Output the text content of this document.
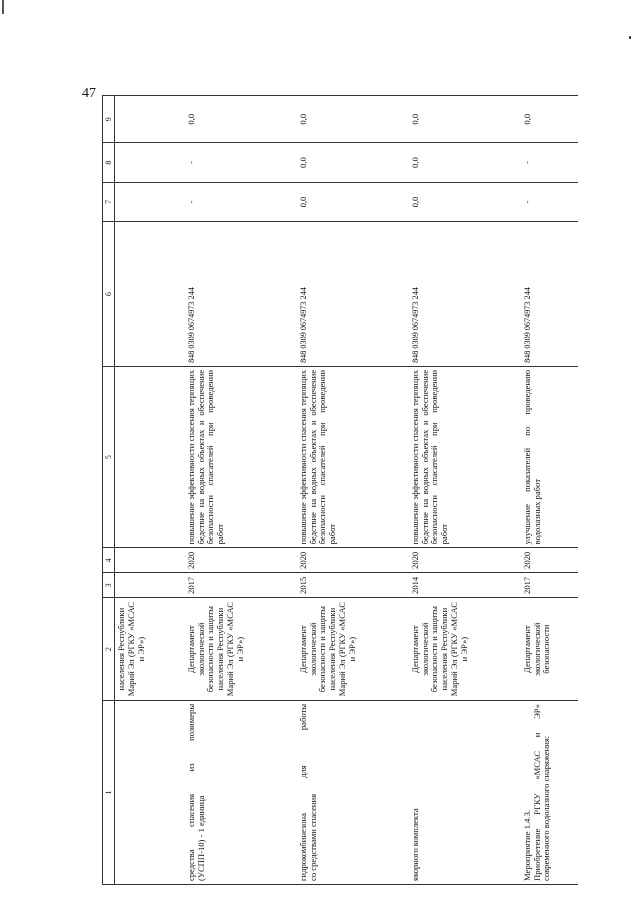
47
1	2	3	4	5	6	7	8	9
	населения Республики Марий Эл (РГКУ «МСАС и ЭР»)							

средства спасения из полимеры (УСПП-10) - 1 единица	Департамент экологической безопасности и защиты населения Республики Марий Эл (РГКУ «МСАС и ЭР»)	2017	2020	повышение эффективности спасения терпящих бедствие на водных объектах и обеспечение безопасности спасателей при проведении работ	848 0309 0674973 244	-	-	0,0

гидрокомбинезона для работы со средствами спасения	Департамент экологической безопасности и защиты населения Республики Марий Эл (РГКУ «МСАС и ЭР»)	2015	2020	повышение эффективности спасения терпящих бедствие на водных объектах и обеспечение безопасности спасателей при проведении работ	848 0309 0674973 244	0,0	0,0	0,0

якорного комплекта	Департамент экологической безопасности и защиты населения Республики Марий Эл (РГКУ «МСАС и ЭР»)	2014	2020	повышение эффективности спасения терпящих бедствие на водных объектах и обеспечение безопасности спасателей при проведении работ	848 0309 0674973 244	0,0	0,0	0,0

Мероприятие 1.4.3. Приобретение РГКУ «МСАС и ЭР» современного водолазного снаряжения:	Департамент экологической безопасности	2017	2020	улучшение показателей по проведению водолазных работ	848 0309 0674973 244	-	-	0,0
